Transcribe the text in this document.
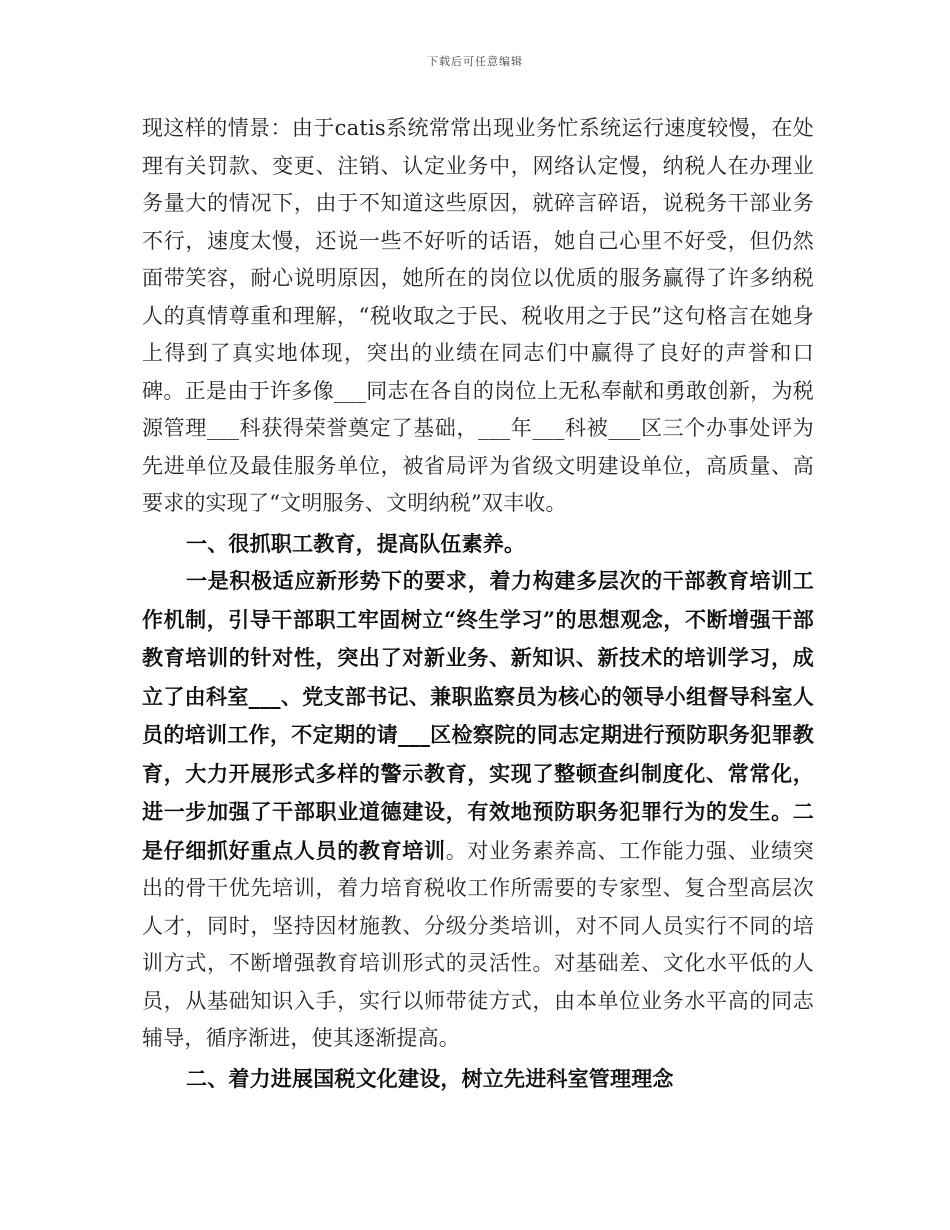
下载后可任意编辑

现这样的情景：由于catis系统常常出现业务忙系统运行速度较慢，在处理有关罚款、变更、注销、认定业务中，网络认定慢，纳税人在办理业务量大的情况下，由于不知道这些原因，就碎言碎语，说税务干部业务不行，速度太慢，还说一些不好听的话语，她自己心里不好受，但仍然面带笑容，耐心说明原因，她所在的岗位以优质的服务赢得了许多纳税人的真情尊重和理解，“税收取之于民、税收用之于民”这句格言在她身上得到了真实地体现，突出的业绩在同志们中赢得了良好的声誉和口碑。正是由于许多像___同志在各自的岗位上无私奉献和勇敢创新，为税源管理___科获得荣誉奠定了基础，___年___科被___区三个办事处评为先进单位及最佳服务单位，被省局评为省级文明建设单位，高质量、高要求的实现了“文明服务、文明纳税”双丰收。

一、很抓职工教育，提高队伍素养。

一是积极适应新形势下的要求，着力构建多层次的干部教育培训工作机制，引导干部职工牢固树立“终生学习”的思想观念，不断增强干部教育培训的针对性，突出了对新业务、新知识、新技术的培训学习，成立了由科室___、党支部书记、兼职监察员为核心的领导小组督导科室人员的培训工作，不定期的请___区检察院的同志定期进行预防职务犯罪教育，大力开展形式多样的警示教育，实现了整顿查纠制度化、常常化，进一步加强了干部职业道德建设，有效地预防职务犯罪行为的发生。二是仔细抓好重点人员的教育培训。对业务素养高、工作能力强、业绩突出的骨干优先培训，着力培育税收工作所需要的专家型、复合型高层次人才，同时，坚持因材施教、分级分类培训，对不同人员实行不同的培训方式，不断增强教育培训形式的灵活性。对基础差、文化水平低的人员，从基础知识入手，实行以师带徒方式，由本单位业务水平高的同志辅导，循序渐进，使其逐渐提高。

二、着力进展国税文化建设，树立先进科室管理理念
